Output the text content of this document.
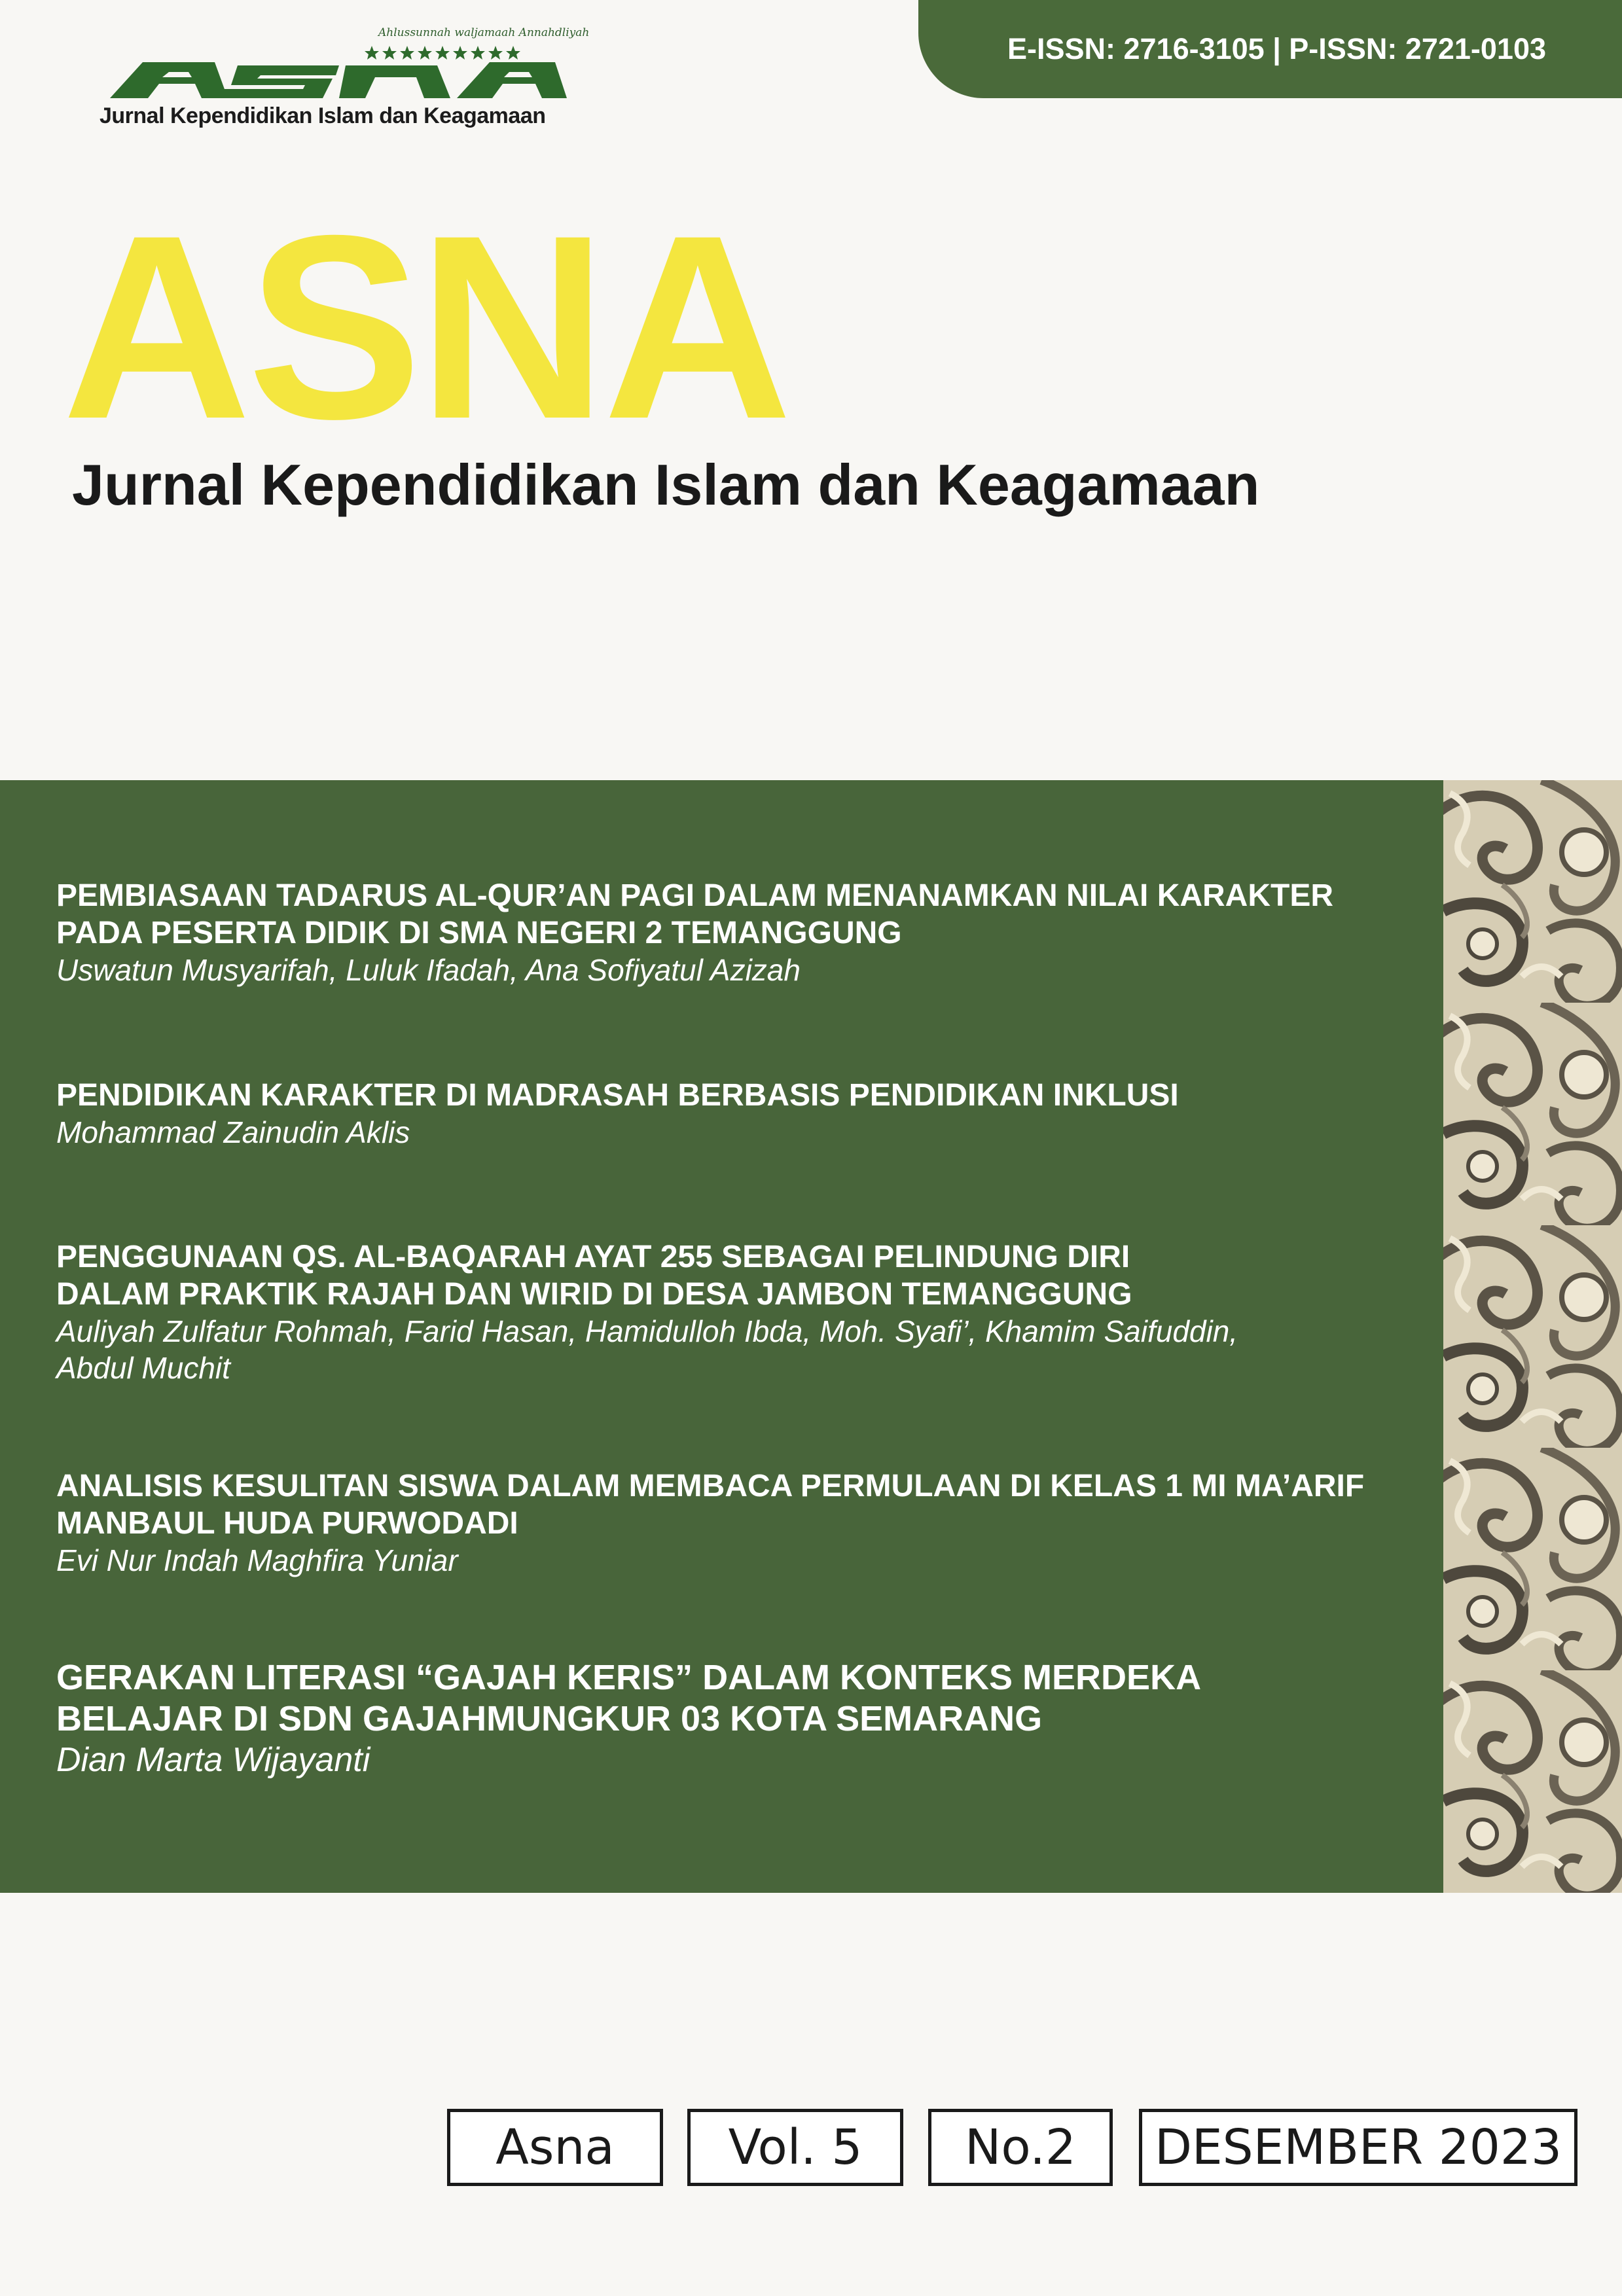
Ahlussunnah waljamaah Annahdliyah
Jurnal Kependidikan Islam dan Keagamaan
E-ISSN: 2716-3105 | P-ISSN: 2721-0103
ASNA
Jurnal Kependidikan Islam dan Keagamaan
PEMBIASAAN TADARUS AL-QUR’AN PAGI DALAM MENANAMKAN NILAI KARAKTER
PADA PESERTA DIDIK DI SMA NEGERI 2 TEMANGGUNG
Uswatun Musyarifah, Luluk Ifadah, Ana Sofiyatul Azizah
PENDIDIKAN KARAKTER DI MADRASAH BERBASIS PENDIDIKAN INKLUSI
Mohammad Zainudin Aklis
PENGGUNAAN QS. AL-BAQARAH AYAT 255 SEBAGAI PELINDUNG DIRI
DALAM PRAKTIK RAJAH DAN WIRID DI DESA JAMBON TEMANGGUNG
Auliyah Zulfatur Rohmah, Farid Hasan, Hamidulloh Ibda, Moh. Syafi’, Khamim Saifuddin,
Abdul Muchit
ANALISIS KESULITAN SISWA DALAM MEMBACA PERMULAAN DI KELAS 1 MI MA’ARIF
MANBAUL HUDA PURWODADI
Evi Nur Indah Maghfira Yuniar
GERAKAN LITERASI “GAJAH KERIS” DALAM KONTEKS MERDEKA
BELAJAR DI SDN GAJAHMUNGKUR 03 KOTA SEMARANG
Dian Marta Wijayanti
Asna	Vol. 5	No.2	DESEMBER 2023
